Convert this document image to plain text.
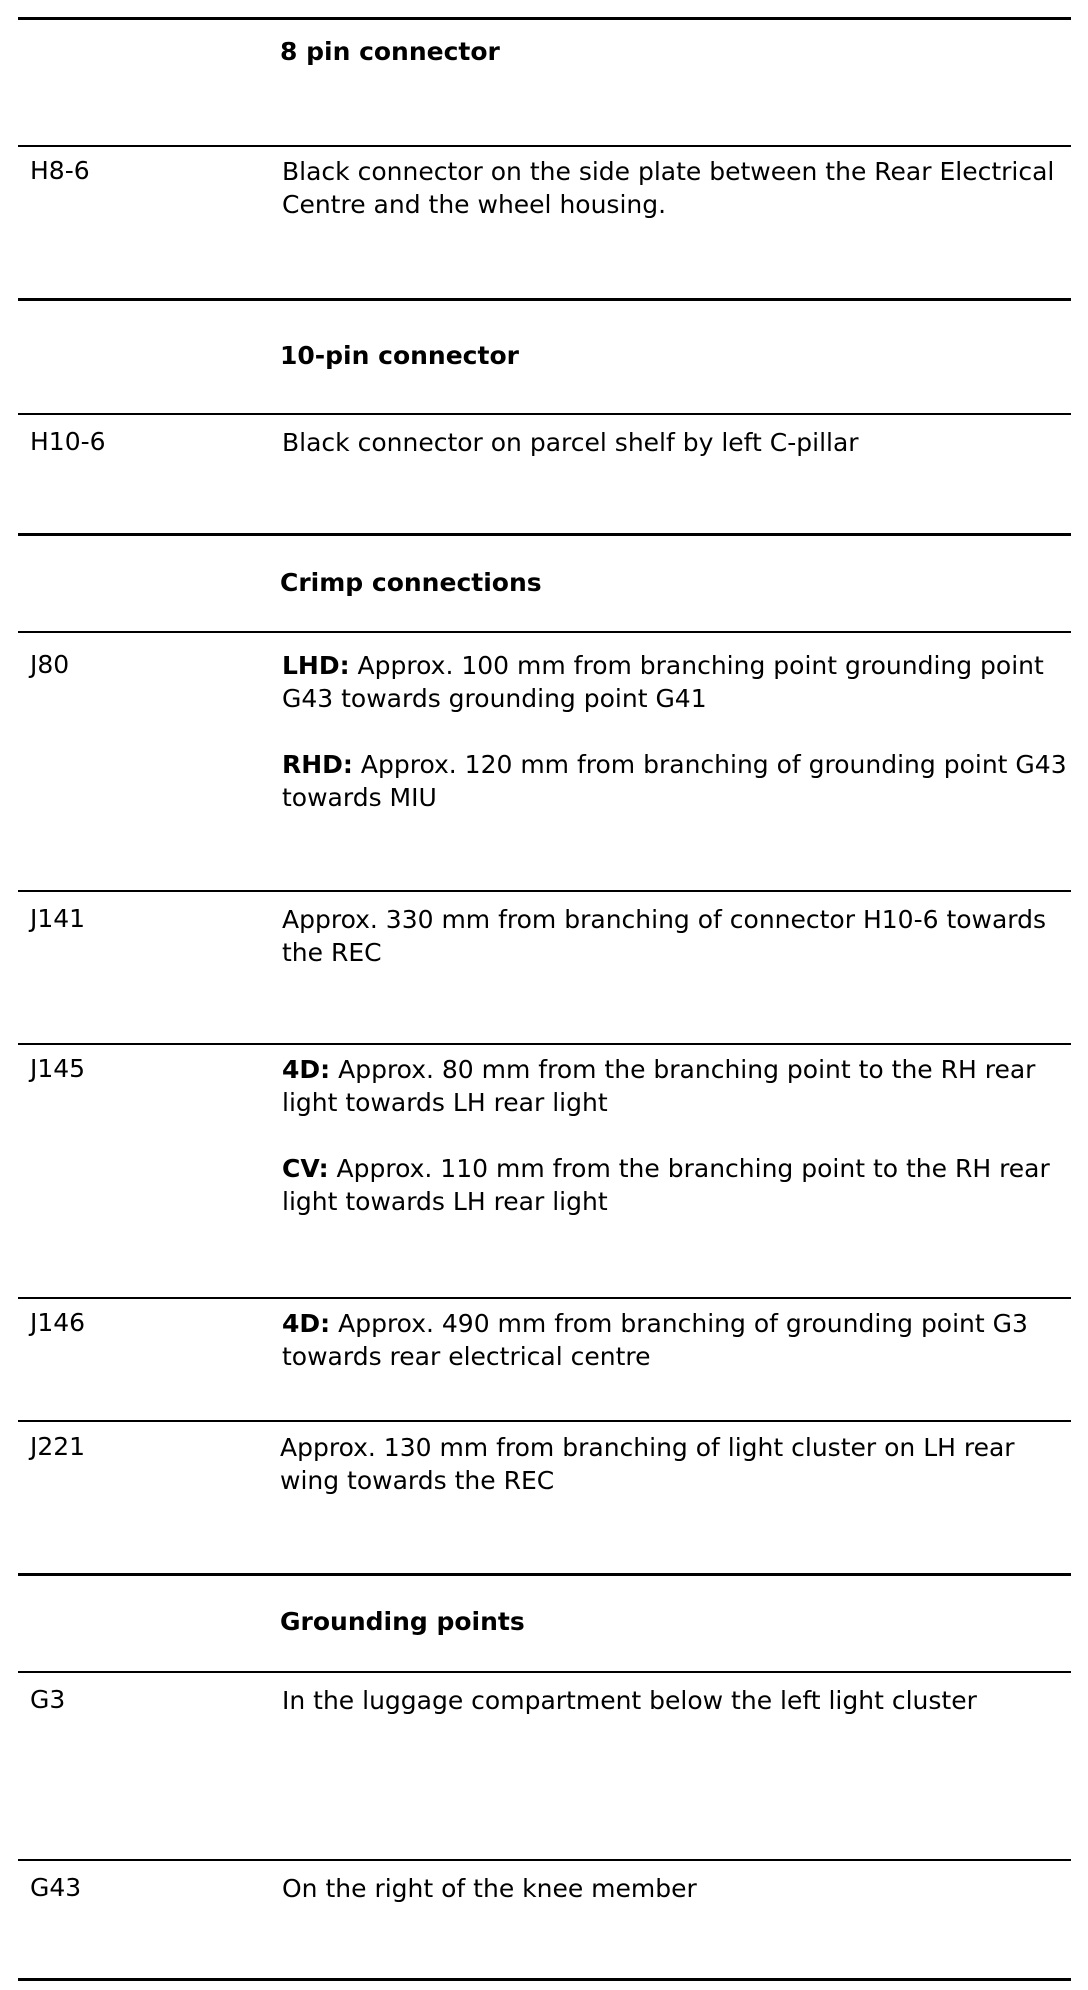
8 pin connector
H8-6	Black connector on the side plate between the Rear Electrical Centre and the wheel housing.

10-pin connector
H10-6	Black connector on parcel shelf by left C-pillar

Crimp connections
J80	LHD: Approx. 100 mm from branching point grounding point G43 towards grounding point G41

RHD: Approx. 120 mm from branching of grounding point G43 towards MIU

J141	Approx. 330 mm from branching of connector H10-6 towards the REC

J145	4D: Approx. 80 mm from the branching point to the RH rear light towards LH rear light

CV: Approx. 110 mm from the branching point to the RH rear light towards LH rear light

J146	4D: Approx. 490 mm from branching of grounding point G3 towards rear electrical centre

J221	Approx. 130 mm from branching of light cluster on LH rear wing towards the REC

Grounding points
G3	In the luggage compartment below the left light cluster

G43	On the right of the knee member
